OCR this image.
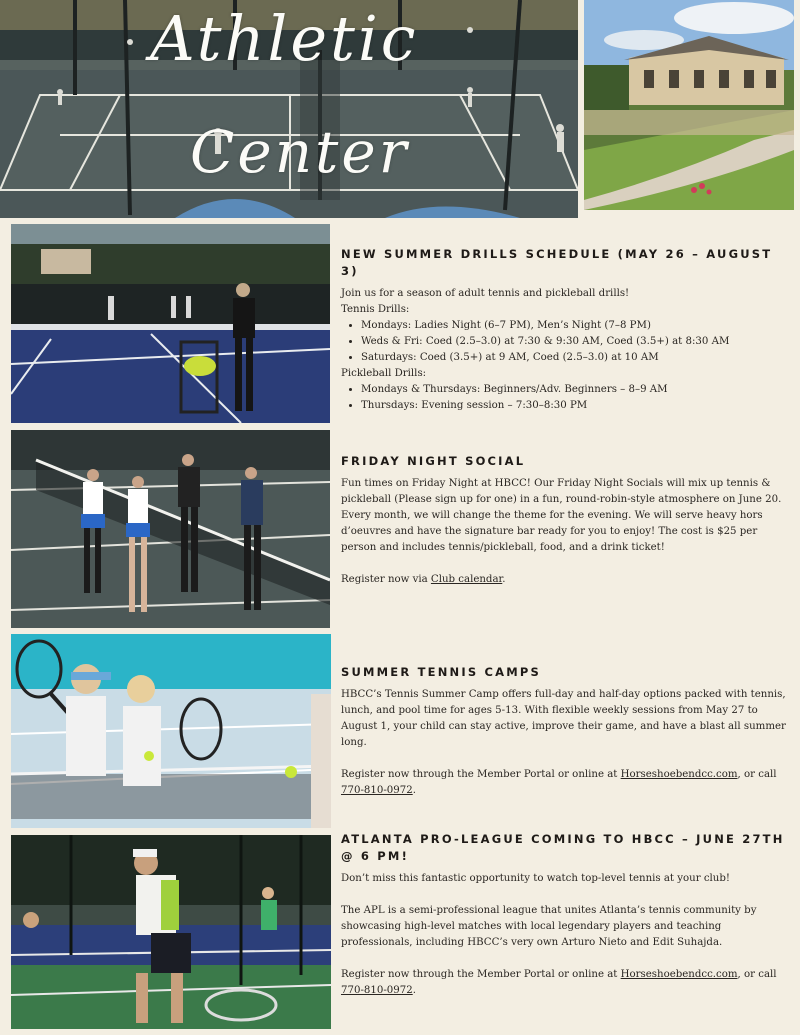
Athletic
Center
NEW SUMMER DRILLS SCHEDULE (MAY 26 – AUGUST 3)

Join us for a season of adult tennis and pickleball drills!

Tennis Drills:

• Mondays: Ladies Night (6–7 PM), Men’s Night (7–8 PM)
• Weds & Fri: Coed (2.5–3.0) at 7:30 & 9:30 AM, Coed (3.5+) at 8:30 AM
• Saturdays: Coed (3.5+) at 9 AM, Coed (2.5–3.0) at 10 AM

Pickleball Drills:

• Mondays & Thursdays: Beginners/Adv. Beginners – 8–9 AM
• Thursdays: Evening session – 7:30–8:30 PM
FRIDAY NIGHT SOCIAL

Fun times on Friday Night at HBCC! Our Friday Night Socials will mix up tennis & pickleball (Please sign up for one) in a fun, round-robin-style atmosphere on June 20. Every month, we will change the theme for the evening. We will serve heavy hors d’oeuvres and have the signature bar ready for you to enjoy! The cost is $25 per person and includes tennis/pickleball, food, and a drink ticket!

Register now via Club calendar.

SUMMER TENNIS CAMPS

HBCC’s Tennis Summer Camp offers full-day and half-day options packed with tennis, lunch, and pool time for ages 5-13. With flexible weekly sessions from May 27 to August 1, your child can stay active, improve their game, and have a blast all summer long.

Register now through the Member Portal or online at Horseshoebendcc.com, or call 770-810-0972.

ATLANTA PRO-LEAGUE COMING TO HBCC – JUNE 27TH @ 6 PM!

Don’t miss this fantastic opportunity to watch top-level tennis at your club!

The APL is a semi-professional league that unites Atlanta’s tennis community by showcasing high-level matches with local legendary players and teaching professionals, including HBCC’s very own Arturo Nieto and Edit Suhajda.

Register now through the Member Portal or online at Horseshoebendcc.com, or call 770-810-0972.
